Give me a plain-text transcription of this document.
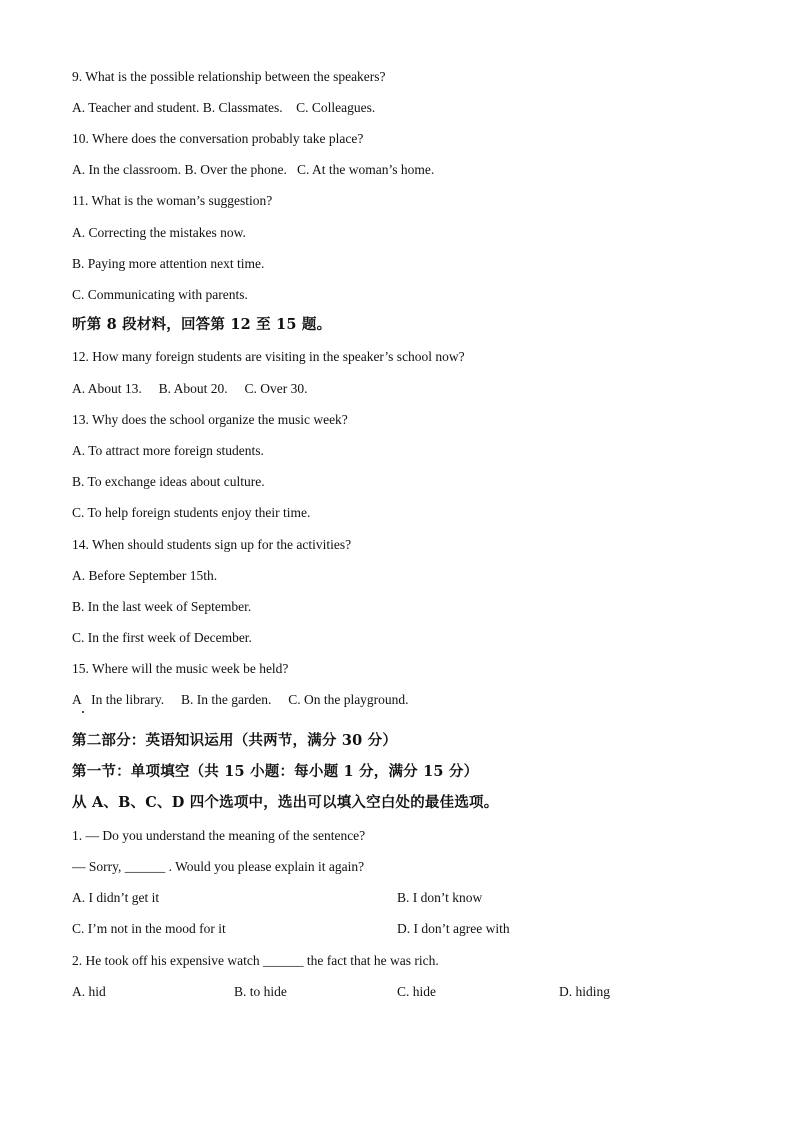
9. What is the possible relationship between the speakers?
A. Teacher and student. B. Classmates.    C. Colleagues.
10. Where does the conversation probably take place?
A. In the classroom. B. Over the phone.   C. At the woman’s home.
11. What is the woman’s suggestion?
A. Correcting the mistakes now.
B. Paying more attention next time.
C. Communicating with parents.
听第 8 段材料，回答第 12 至 15 题。
12. How many foreign students are visiting in the speaker’s school now?
A. About 13.     B. About 20.     C. Over 30.
13. Why does the school organize the music week?
A. To attract more foreign students.
B. To exchange ideas about culture.
C. To help foreign students enjoy their time.
14. When should students sign up for the activities?
A. Before September 15th.
B. In the last week of September.
C. In the first week of December.
15. Where will the music week be held?
A   In the library.     B. In the garden.     C. On the playground.
第二部分：英语知识运用（共两节，满分 30 分）
第一节：单项填空（共 15 小题：每小题 1 分，满分 15 分）
从 A、B、C、D 四个选项中，选出可以填入空白处的最佳选项。
1. — Do you understand the meaning of the sentence?
— Sorry, ______ . Would you please explain it again?
A. I didn’t get it	B. I don’t know
C. I’m not in the mood for it	D. I don’t agree with
2. He took off his expensive watch ______ the fact that he was rich.
A. hid	B. to hide	C. hide	D. hiding
